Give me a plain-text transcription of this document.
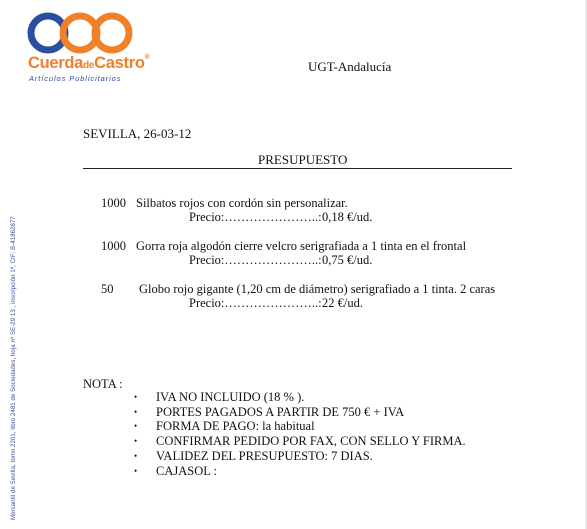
CuerdadeCastro®
Artículos Publicitarios
UGT-Andalucía
SEVILLA, 26-03-12
PRESUPUESTO
1000 Silbatos rojos con cordón sin personalizar.
Precio:…………………..: 0,18 €/ud.
1000 Gorra roja algodón cierre velcro serigrafiada a 1 tinta en el frontal
Precio:…………………..: 0,75 €/ud.
50 Globo rojo gigante (1,20 cm de diámetro) serigrafiado a 1 tinta. 2 caras
Precio:…………………..: 22 €/ud.
NOTA :
• IVA NO INCLUIDO (18 % ).
• PORTES PAGADOS A PARTIR DE 750 € + IVA
• FORMA DE PAGO: la habitual
• CONFIRMAR PEDIDO POR FAX, CON SELLO Y FIRMA.
• VALIDEZ DEL PRESUPUESTO: 7 DIAS.
• CAJASOL :
Mercantil de Sevilla, tomo 2201, libro 2481 de Sociedades, hoja nº SE-29 13 , inscripción 1ª, CIF: B-41862877
